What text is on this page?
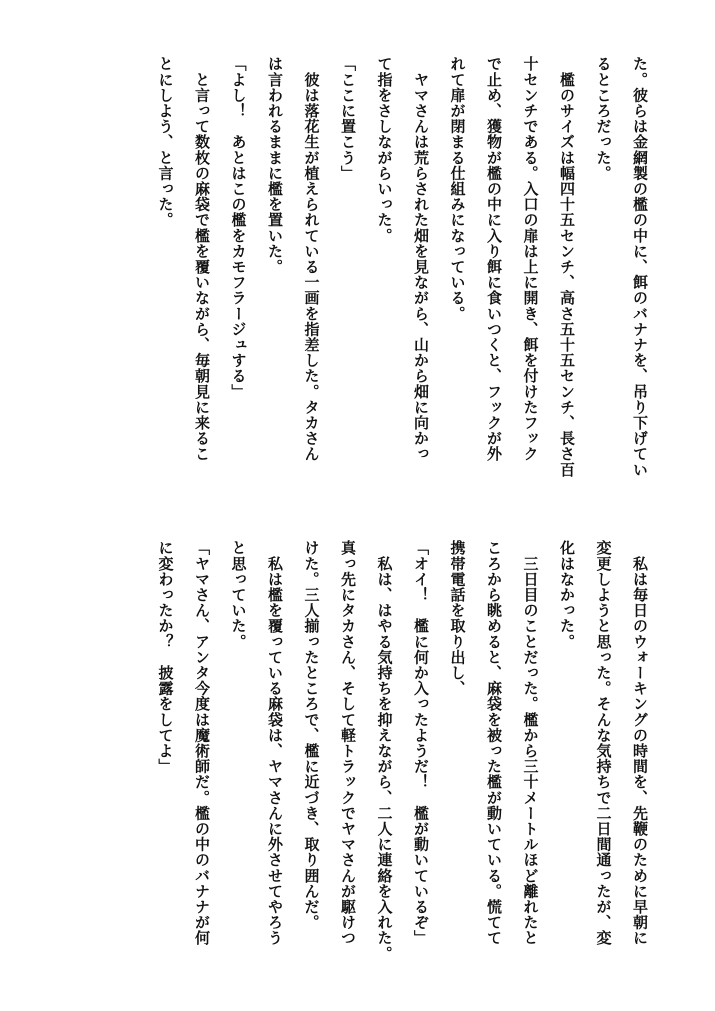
た。彼らは金網製の檻の中に、餌のバナナを、吊り下げてい
るところだった。
　檻のサイズは幅四十五センチ、高さ五十五センチ、長さ百
十センチである。入口の扉は上に開き、餌を付けたフック
で止め、獲物が檻の中に入り餌に食いつくと、フックが外
れて扉が閉まる仕組みになっている。
　ヤマさんは荒らされた畑を見ながら、山から畑に向かっ
て指をさしながらいった。
「ここに置こう」
　彼は落花生が植えられている一画を指差した。タカさん
は言われるままに檻を置いた。
「よし！　あとはこの檻をカモフラージュする」
　と言って数枚の麻袋で檻を覆いながら、毎朝見に来るこ
とにしよう、と言った。
　私は毎日のウォーキングの時間を、先鞭のために早朝に
変更しようと思った。そんな気持ちで二日間通ったが、変
化はなかった。
　三日目のことだった。檻から三十メートルほど離れたと
ころから眺めると、麻袋を被った檻が動いている。慌てて
携帯電話を取り出し、
「オイ！　檻に何か入ったようだ！　檻が動いているぞ」
　私は、はやる気持ちを抑えながら、二人に連絡を入れた。
真っ先にタカさん、そして軽トラックでヤマさんが駆けつ
けた。三人揃ったところで、檻に近づき、取り囲んだ。
　私は檻を覆っている麻袋は、ヤマさんに外させてやろう
と思っていた。
「ヤマさん、アンタ今度は魔術師だ。檻の中のバナナが何
に変わったか？　披露をしてよ」
